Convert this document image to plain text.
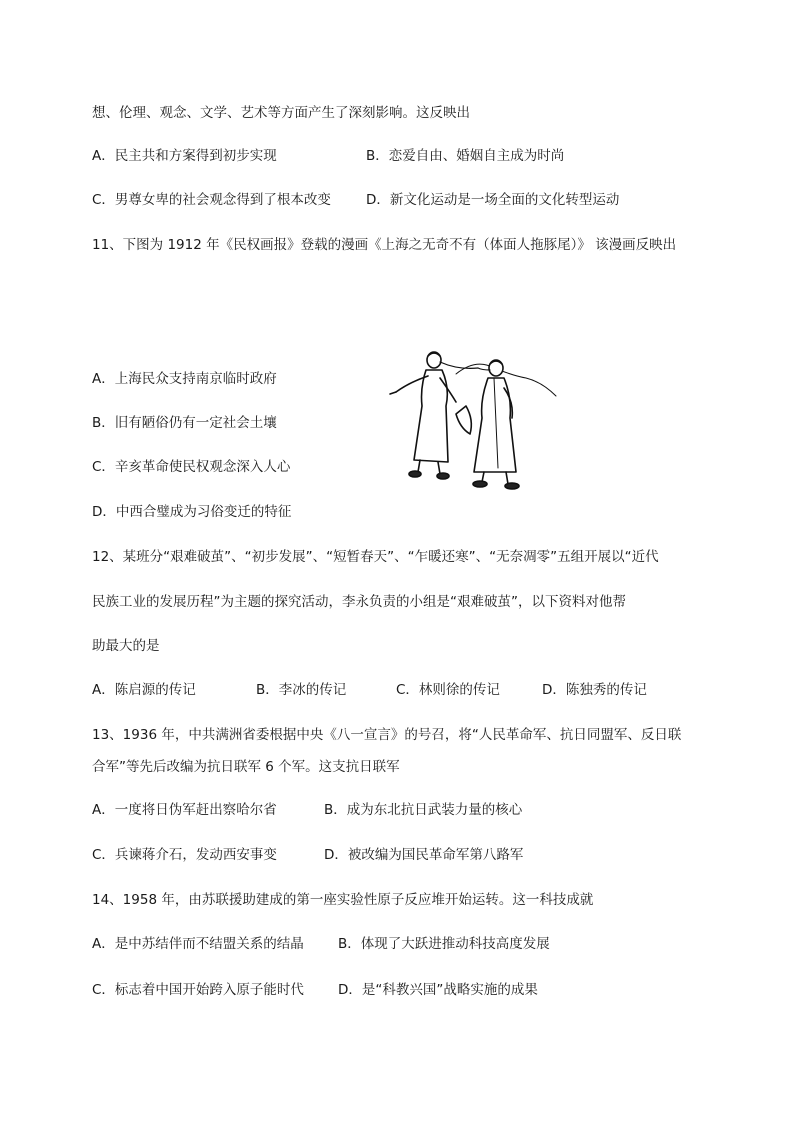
想、伦理、观念、文学、艺术等方面产生了深刻影响。这反映出
A．民主共和方案得到初步实现	B．恋爱自由、婚姻自主成为时尚
C．男尊女卑的社会观念得到了根本改变	D．新文化运动是一场全面的文化转型运动
11、下图为 1912 年《民权画报》登载的漫画《上海之无奇不有（体面人拖豚尾）》 该漫画反映出
A．上海民众支持南京临时政府
B．旧有陋俗仍有一定社会土壤
C．辛亥革命使民权观念深入人心
D．中西合璧成为习俗变迁的特征
12、某班分“艰难破茧”、“初步发展”、“短暂春天”、“乍暖还寒”、“无奈凋零”五组开展以“近代
民族工业的发展历程”为主题的探究活动，李永负责的小组是“艰难破茧”，以下资料对他帮
助最大的是
A．陈启源的传记	B．李冰的传记	C．林则徐的传记	D．陈独秀的传记
13、1936 年，中共满洲省委根据中央《八一宣言》的号召，将“人民革命军、抗日同盟军、反日联
合军”等先后改编为抗日联军 6 个军。这支抗日联军
A．一度将日伪军赶出察哈尔省	B．成为东北抗日武装力量的核心
C．兵谏蒋介石，发动西安事变	D．被改编为国民革命军第八路军
14、1958 年，由苏联援助建成的第一座实验性原子反应堆开始运转。这一科技成就
A．是中苏结伴而不结盟关系的结晶	B．体现了大跃进推动科技高度发展
C．标志着中国开始跨入原子能时代	D．是“科教兴国”战略实施的成果
